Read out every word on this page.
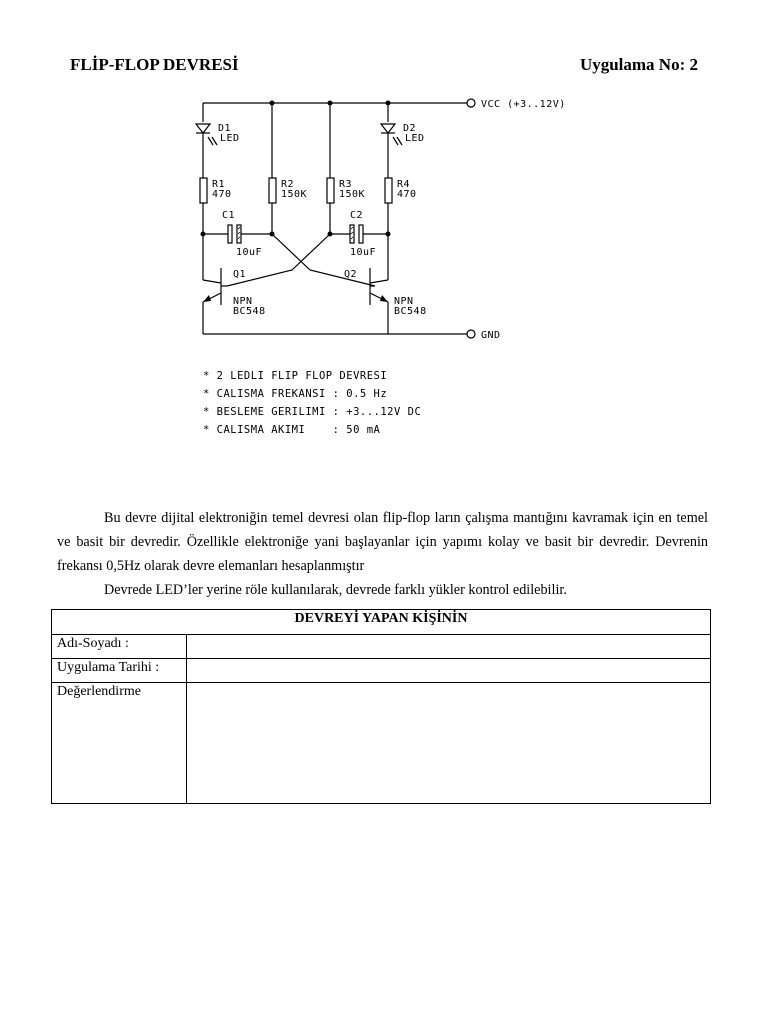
FLİP-FLOP DEVRESİ	Uygulama No: 2
VCC (+3..12V)
GND
D1
LED
R1
470
R2
150K
R3
150K
D2
LED
R4
470
C1
10uF
C2
10uF
Q1
NPN
BC548
Q2
NPN
BC548
* 2 LEDLI FLIP FLOP DEVRESI
* CALISMA FREKANSI : 0.5 Hz
* BESLEME GERILIMI : +3...12V DC
* CALISMA AKIMI    : 50 mA

Bu devre dijital elektroniğin temel devresi olan flip-flop ların çalışma mantığını kavramak için en temel ve basit bir devredir. Özellikle elektroniğe yani başlayanlar için yapımı kolay ve basit bir devredir. Devrenin frekansı 0,5Hz olarak devre elemanları hesaplanmıştır

Devrede LED’ler yerine röle kullanılarak, devrede farklı yükler kontrol edilebilir.

DEVREYİ YAPAN KİŞİNİN	
Adı-Soyadı :	
Uygulama Tarihi :	
Değerlendirme	
